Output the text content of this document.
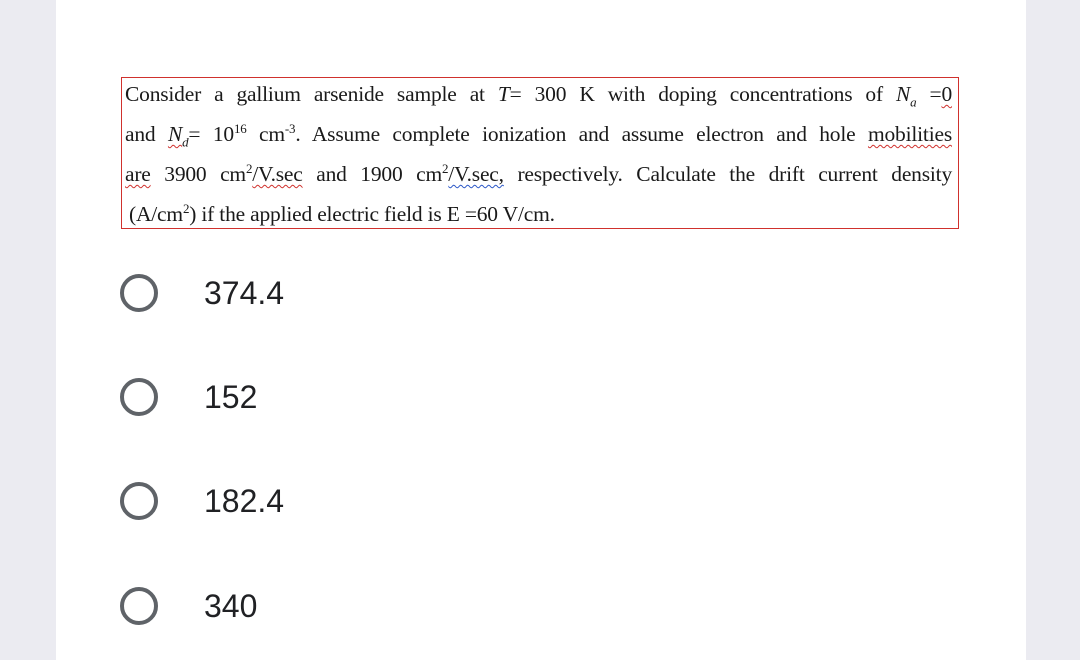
Consider a gallium arsenide sample at T= 300 K with doping concentrations of $N_a =0$
and $N_d= 10^{16}$ $cm^{-3}$. Assume complete ionization and assume electron and hole mobilities
are 3900 $cm^2/V.\sec$ and 1900 $cm^2/V.\sec$, respectively. Calculate the drift current density
$(A/cm^2)$ if the applied electric field is E =60 V/cm.
374.4
152
182.4
340
